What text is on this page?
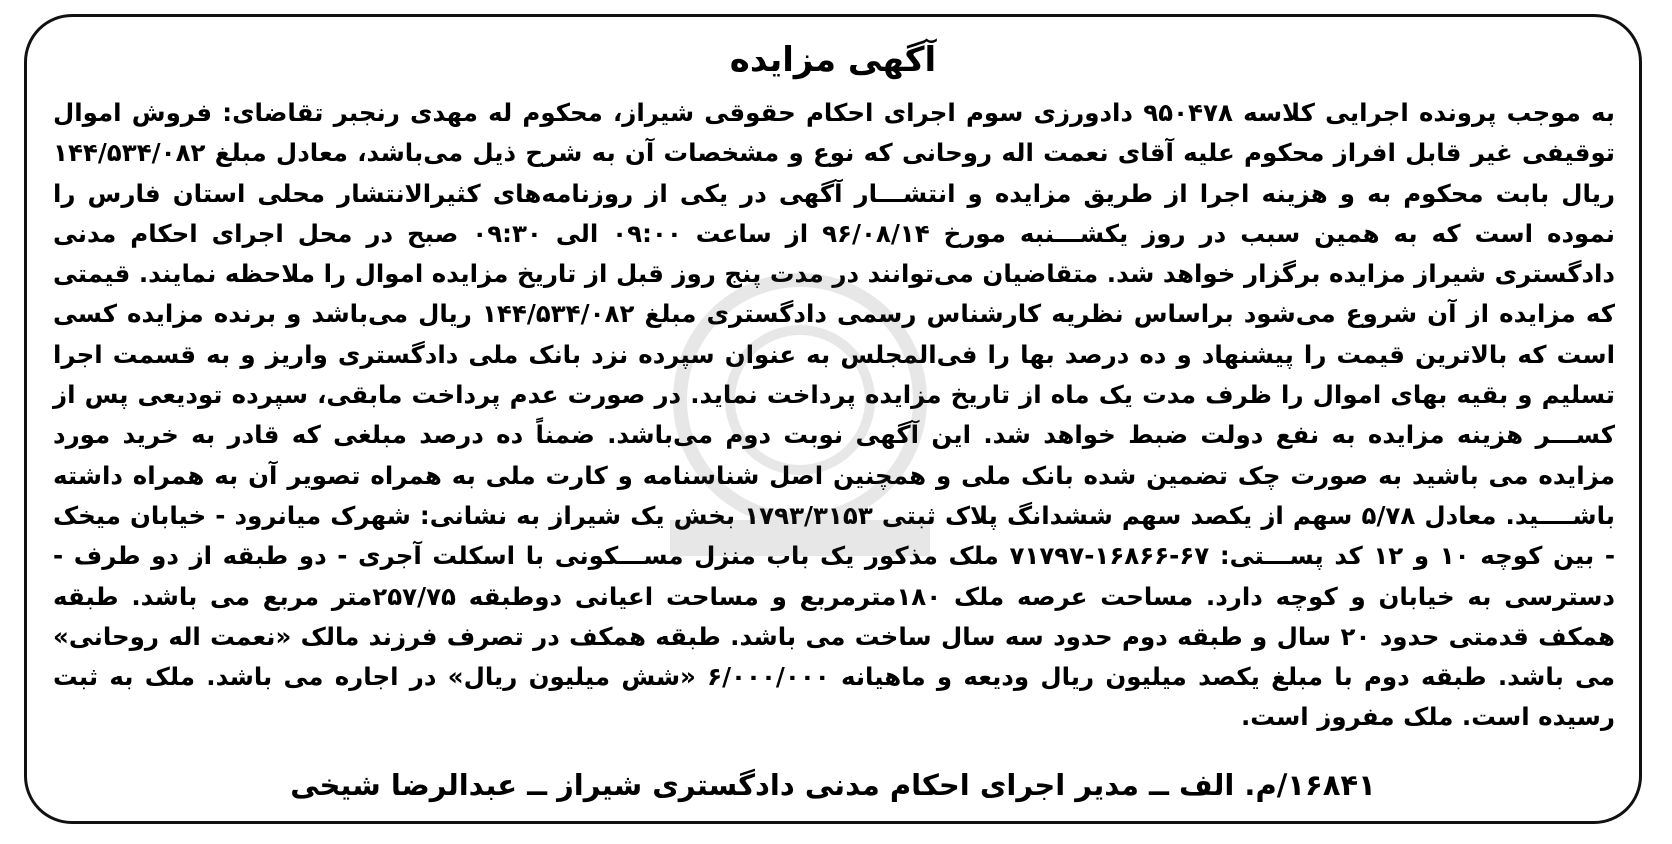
آگهی مزایده
به موجب پرونده اجرایی کلاسه ۹۵۰۴۷۸ دادورزی سوم اجرای احکام حقوقی شیراز، محکوم له مهدی رنجبر تقاضای: فروش اموال توقیفی غیر قابل افراز محکوم علیه آقای نعمت اله روحانی که نوع و مشخصات آن به شرح ذیل می‌باشد، معادل مبلغ ۱۴۴/۵۳۴/۰۸۲ ریال بابت محکوم به و هزینه اجرا از طریق مزایده و انتشـــار آگهی در یکی از روزنامه‌های کثیرالانتشار محلی استان فارس را نموده است که به همین سبب در روز یکشـــنبه مورخ ۹۶/۰۸/۱۴ از ساعت ۰۹:۰۰ الی ۰۹:۳۰ صبح در محل اجرای احکام مدنی دادگستری شیراز مزایده برگزار خواهد شد. متقاضیان می‌توانند در مدت پنج روز قبل از تاریخ مزایده اموال را ملاحظه نمایند. قیمتی که مزایده از آن شروع می‌شود براساس نظریه کارشناس رسمی دادگستری مبلغ ۱۴۴/۵۳۴/۰۸۲ ریال می‌باشد و برنده مزایده کسی است که بالاترین قیمت را پیشنهاد و ده درصد بها را فی‌المجلس به عنوان سپرده نزد بانک ملی دادگستری واریز و به قسمت اجرا تسلیم و بقیه بهای اموال را ظرف مدت یک ماه از تاریخ مزایده پرداخت نماید. در صورت عدم پرداخت مابقی، سپرده تودیعی پس از کســـر هزینه مزایده به نفع دولت ضبط خواهد شد. این آگهی نوبت دوم می‌باشد. ضمناً ده درصد مبلغی که قادر به خرید مورد مزایده می باشید به صورت چک تضمین شده بانک ملی و همچنین اصل شناسنامه و کارت ملی به همراه تصویر آن به همراه داشته باشــــید. معادل ۵/۷۸ سهم از یکصد سهم ششدانگ پلاک ثبتی ۱۷۹۳/۳۱۵۳ بخش یک شیراز به نشانی: شهرک میانرود - خیابان میخک - بین کوچه ۱۰ و ۱۲ کد پســـتی: ۶۷-۱۶۸۶۶-۷۱۷۹۷ ملک مذکور یک باب منزل مســـکونی با اسکلت آجری - دو طبقه از دو طرف - دسترسی به خیابان و کوچه دارد. مساحت عرصه ملک ۱۸۰مترمربع و مساحت اعیانی دوطبقه ۲۵۷/۷۵متر مربع می باشد. طبقه همکف قدمتی حدود ۲۰ سال و طبقه دوم حدود سه سال ساخت می باشد. طبقه همکف در تصرف فرزند مالک «نعمت اله روحانی» می باشد. طبقه دوم با مبلغ یکصد میلیون ریال ودیعه و ماهیانه ۶/۰۰۰/۰۰۰ «شش میلیون ریال» در اجاره می باشد. ملک به ثبت رسیده است. ملک مفروز است.
۱۶۸۴۱/م. الف ــ مدیر اجرای احکام مدنی دادگستری شیراز ــ عبدالرضا شیخی
